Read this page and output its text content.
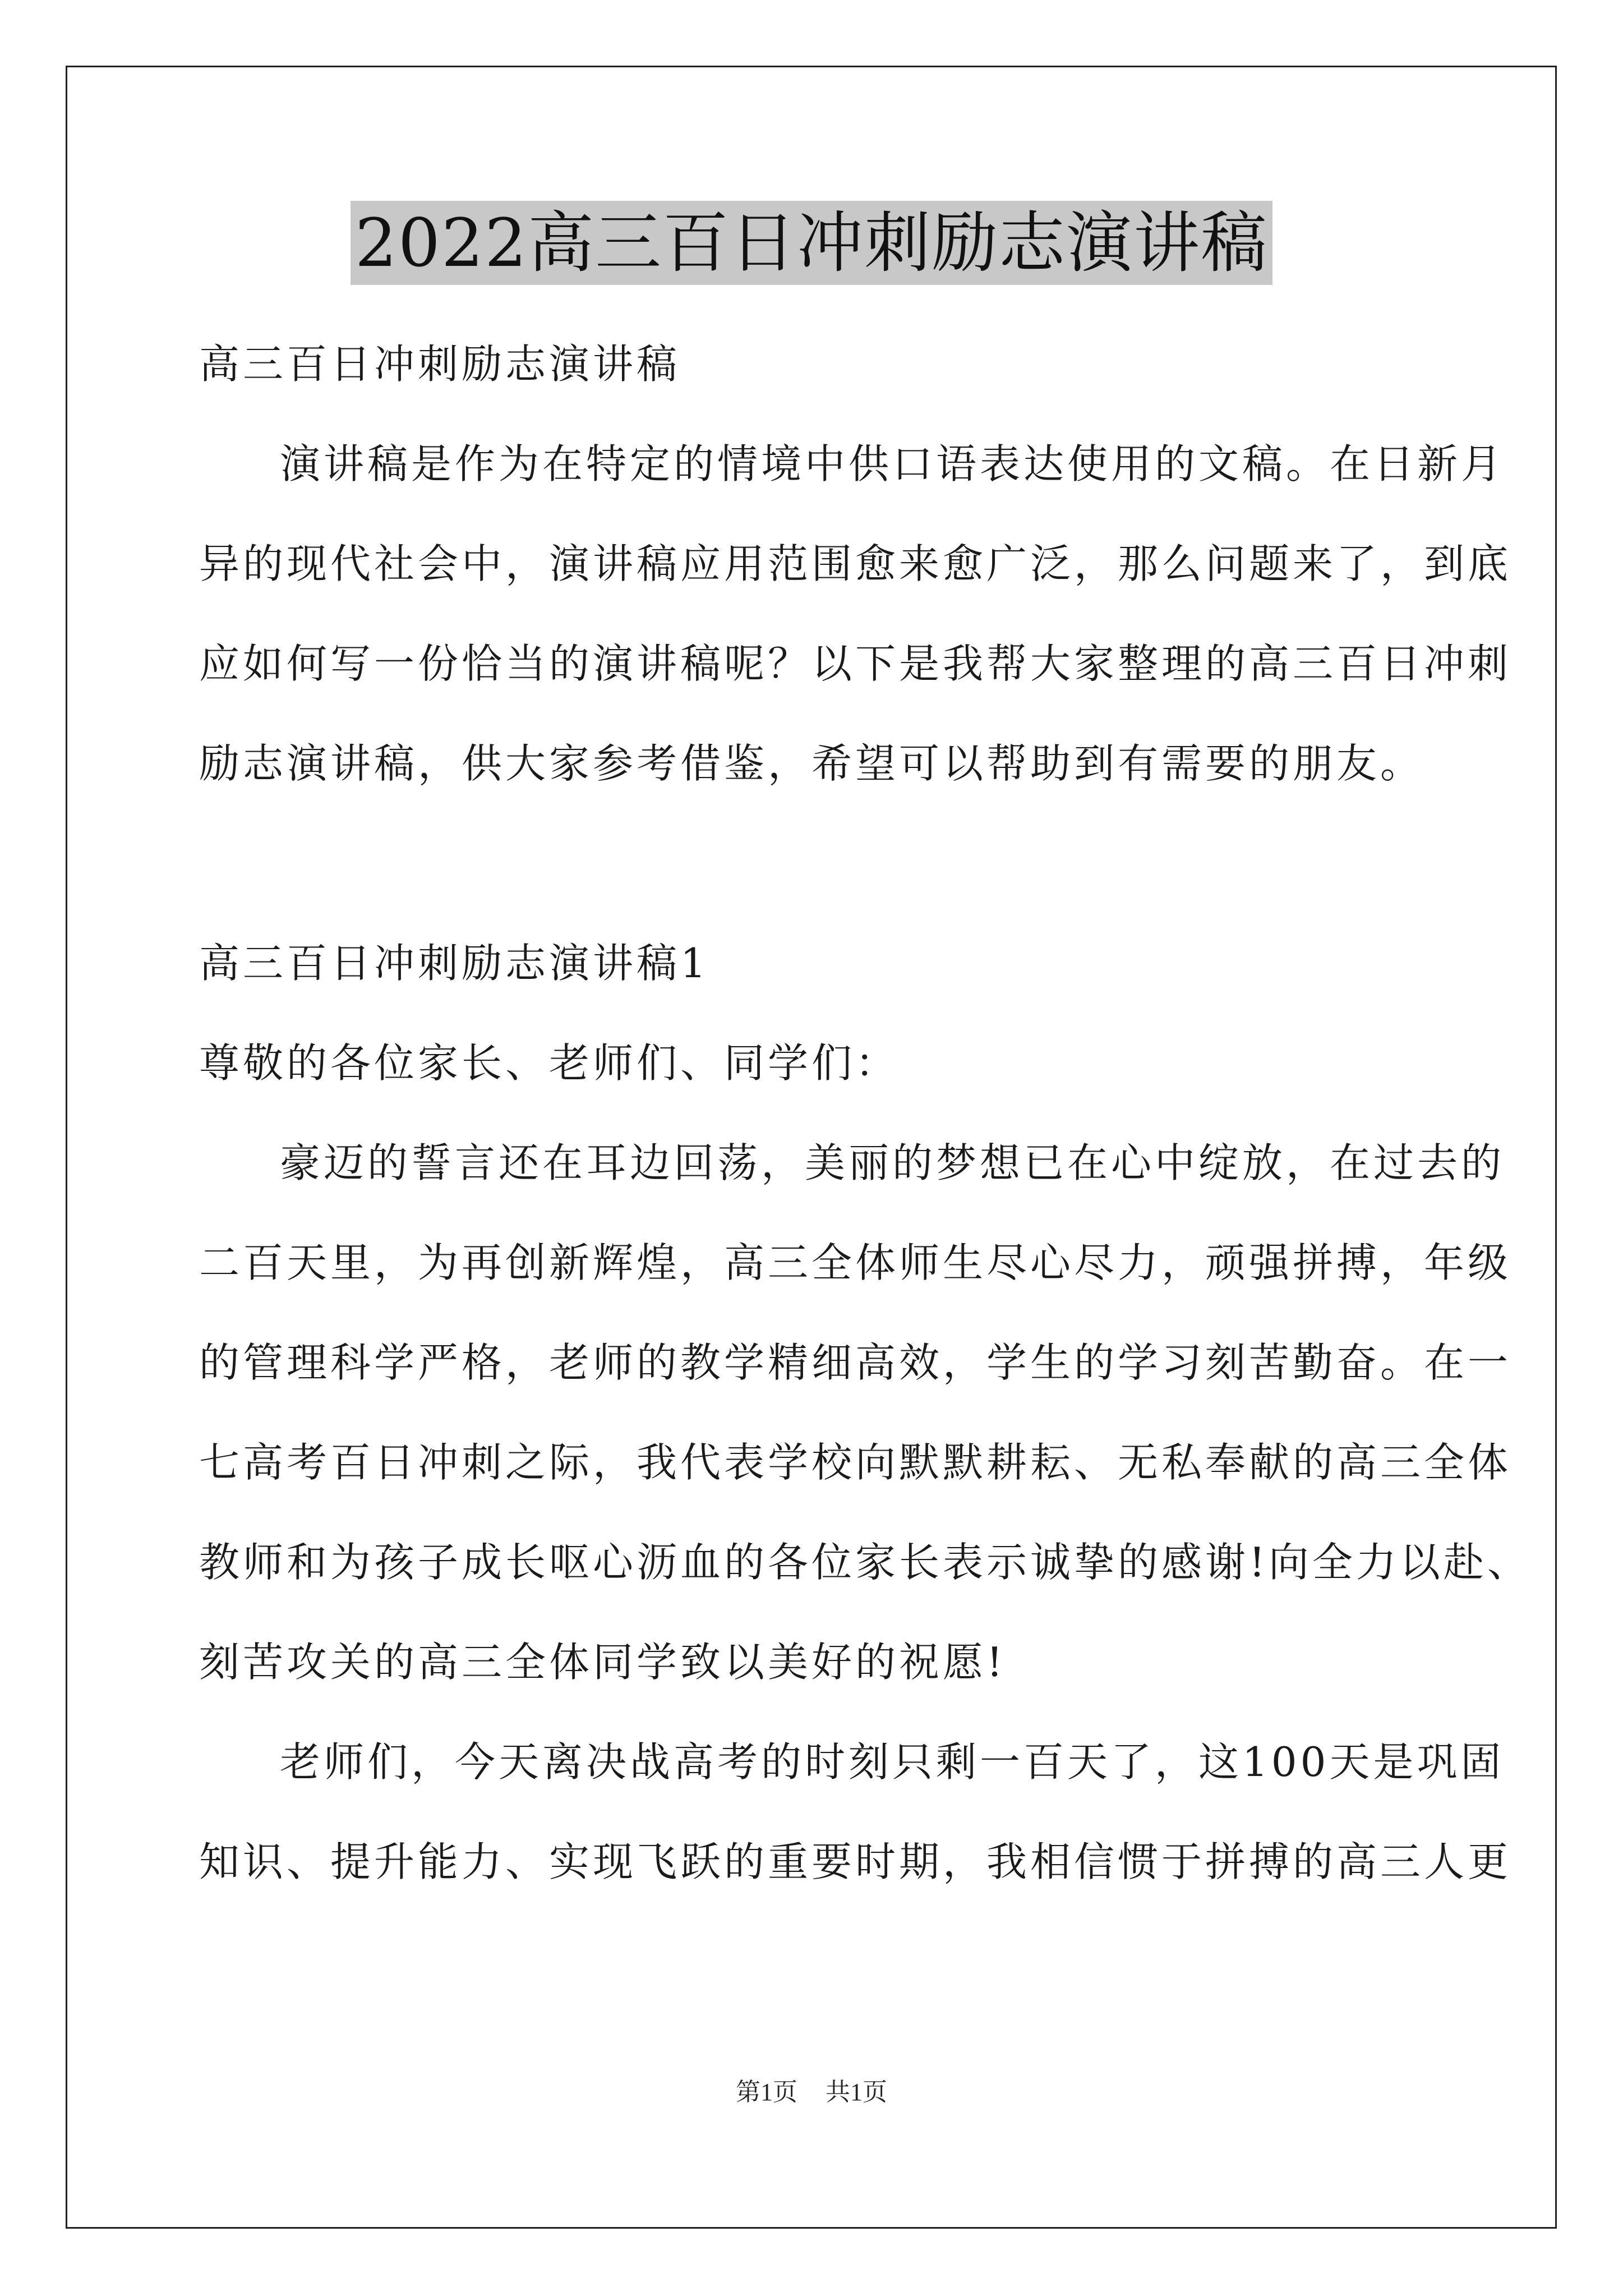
2022高三百日冲刺励志演讲稿
高三百日冲刺励志演讲稿
演讲稿是作为在特定的情境中供口语表达使用的文稿。在日新月
异的现代社会中，演讲稿应用范围愈来愈广泛，那么问题来了，到底
应如何写一份恰当的演讲稿呢？以下是我帮大家整理的高三百日冲刺
励志演讲稿，供大家参考借鉴，希望可以帮助到有需要的朋友。
高三百日冲刺励志演讲稿1
尊敬的各位家长、老师们、同学们：
豪迈的誓言还在耳边回荡，美丽的梦想已在心中绽放，在过去的
二百天里，为再创新辉煌，高三全体师生尽心尽力，顽强拼搏，年级
的管理科学严格，老师的教学精细高效，学生的学习刻苦勤奋。在一
七高考百日冲刺之际，我代表学校向默默耕耘、无私奉献的高三全体
教师和为孩子成长呕心沥血的各位家长表示诚挚的感谢!向全力以赴、
刻苦攻关的高三全体同学致以美好的祝愿!
老师们，今天离决战高考的时刻只剩一百天了，这100天是巩固
知识、提升能力、实现飞跃的重要时期，我相信惯于拼搏的高三人更
第1页 共1页
